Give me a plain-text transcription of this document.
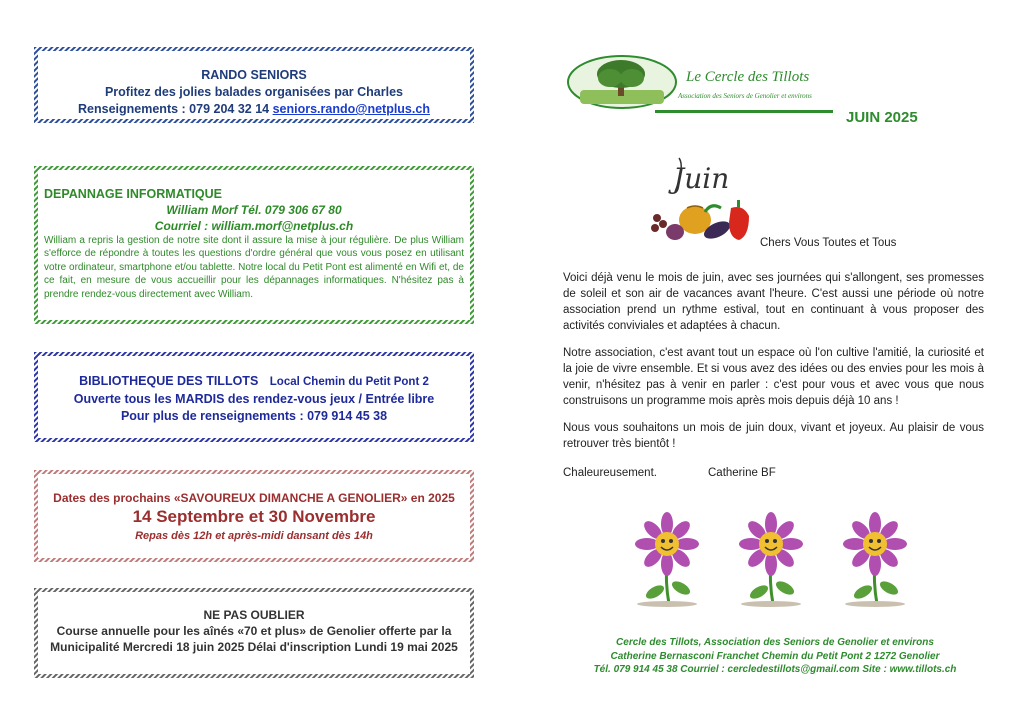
RANDO SENIORS
Profitez des jolies balades organisées par Charles
Renseignements : 079 204 32 14 seniors.rando@netplus.ch
DEPANNAGE INFORMATIQUE
William Morf Tél. 079 306 67 80
Courriel : william.morf@netplus.ch
William a repris la gestion de notre site dont il assure la mise à jour régulière. De plus William s'efforce de répondre à toutes les questions d'ordre général que vous vous posez en utilisant votre ordinateur, smartphone et/ou tablette. Notre local du Petit Pont est alimenté en Wifi et, de ce fait, en mesure de vous accueillir pour les dépannages informatiques. N'hésitez pas à prendre rendez-vous directement avec William.
BIBLIOTHEQUE DES TILLOTS Local Chemin du Petit Pont 2
Ouverte tous les MARDIS des rendez-vous jeux / Entrée libre
Pour plus de renseignements : 079 914 45 38
Dates des prochains «SAVOUREUX DIMANCHE A GENOLIER» en 2025
14 Septembre et 30 Novembre
Repas dès 12h et après-midi dansant dès 14h
NE PAS OUBLIER
Course annuelle pour les aînés «70 et plus» de Genolier offerte par la
Municipalité Mercredi 18 juin 2025 Délai d'inscription Lundi 19 mai 2025
Le Cercle des Tillots
Association des Seniors de Genolier et environs
JUIN 2025
Juin
Chers Vous Toutes et Tous
Voici déjà venu le mois de juin, avec ses journées qui s'allongent, ses promesses de soleil et son air de vacances avant l'heure. C'est aussi une période où notre association prend un rythme estival, tout en continuant à vous proposer des activités conviviales et adaptées à chacun.
Notre association, c'est avant tout un espace où l'on cultive l'amitié, la curiosité et la joie de vivre ensemble. Et si vous avez des idées ou des envies pour les mois à venir, n'hésitez pas à venir en parler : c'est pour vous et avec vous que nous construisons un programme mois après mois depuis déjà 10 ans !
Nous vous souhaitons un mois de juin doux, vivant et joyeux. Au plaisir de vous retrouver très bientôt !
Chaleureusement.	Catherine BF
Cercle des Tillots, Association des Seniors de Genolier et environs
Catherine Bernasconi Franchet Chemin du Petit Pont 2 1272 Genolier
Tél. 079 914 45 38 Courriel : cercledestillots@gmail.com Site : www.tillots.ch
